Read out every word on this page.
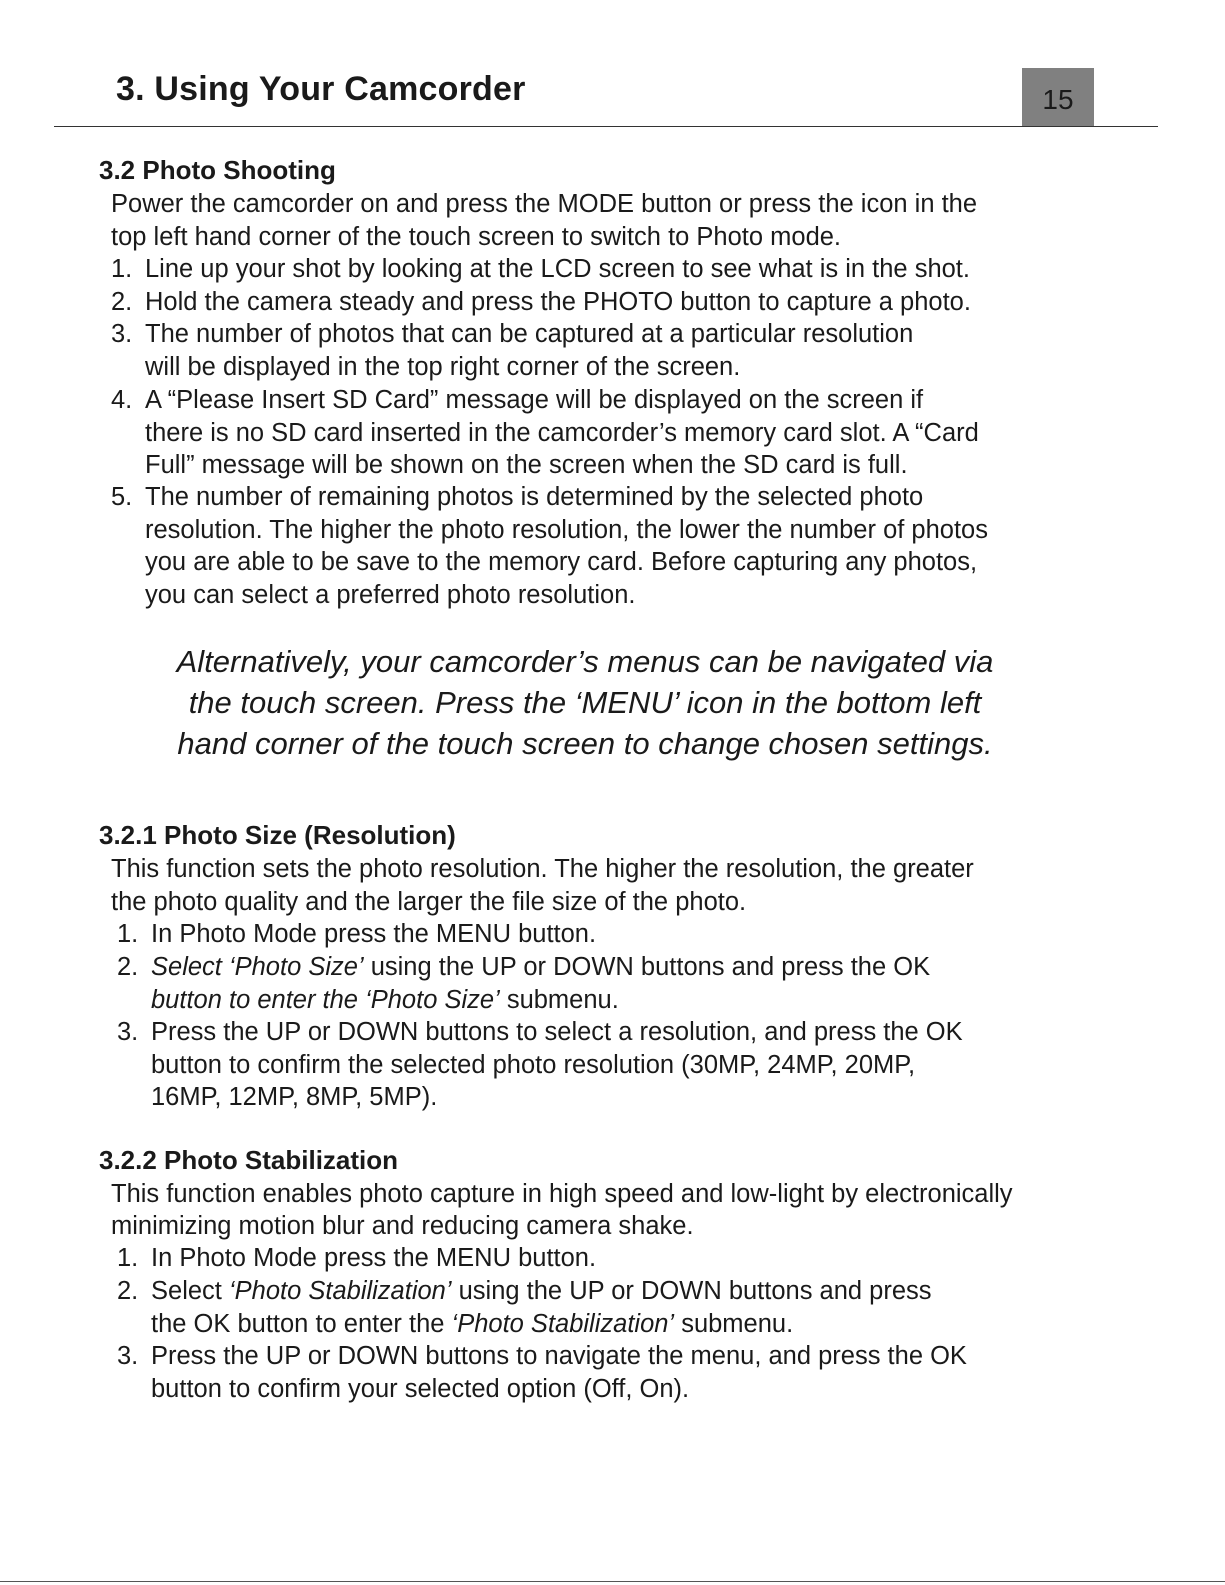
3. Using Your Camcorder	15
3.2 Photo Shooting

Power the camcorder on and press the MODE button or press the icon in the

top left hand corner of the touch screen to switch to Photo mode.

1. Line up your shot by looking at the LCD screen to see what is in the shot.
2. Hold the camera steady and press the PHOTO button to capture a photo.
3. The number of photos that can be captured at a particular resolution
will be displayed in the top right corner of the screen.
4. A “Please Insert SD Card” message will be displayed on the screen if
there is no SD card inserted in the camcorder’s memory card slot. A “Card
Full” message will be shown on the screen when the SD card is full.
5. The number of remaining photos is determined by the selected photo
resolution. The higher the photo resolution, the lower the number of photos
you are able to be save to the memory card. Before capturing any photos,
you can select a preferred photo resolution.
Alternatively, your camcorder’s menus can be navigated via
the touch screen. Press the ‘MENU’ icon in the bottom left
hand corner of the touch screen to change chosen settings.
3.2.1 Photo Size (Resolution)

This function sets the photo resolution. The higher the resolution, the greater

the photo quality and the larger the file size of the photo.

1. In Photo Mode press the MENU button.
2. Select ‘Photo Size’ using the UP or DOWN buttons and press the OK
button to enter the ‘Photo Size’ submenu.
3. Press the UP or DOWN buttons to select a resolution, and press the OK
button to confirm the selected photo resolution (30MP, 24MP, 20MP,
16MP, 12MP, 8MP, 5MP).
3.2.2 Photo Stabilization

This function enables photo capture in high speed and low-light by electronically

minimizing motion blur and reducing camera shake.

1. In Photo Mode press the MENU button.
2. Select ‘Photo Stabilization’ using the UP or DOWN buttons and press
the OK button to enter the ‘Photo Stabilization’ submenu.
3. Press the UP or DOWN buttons to navigate the menu, and press the OK
button to confirm your selected option (Off, On).
